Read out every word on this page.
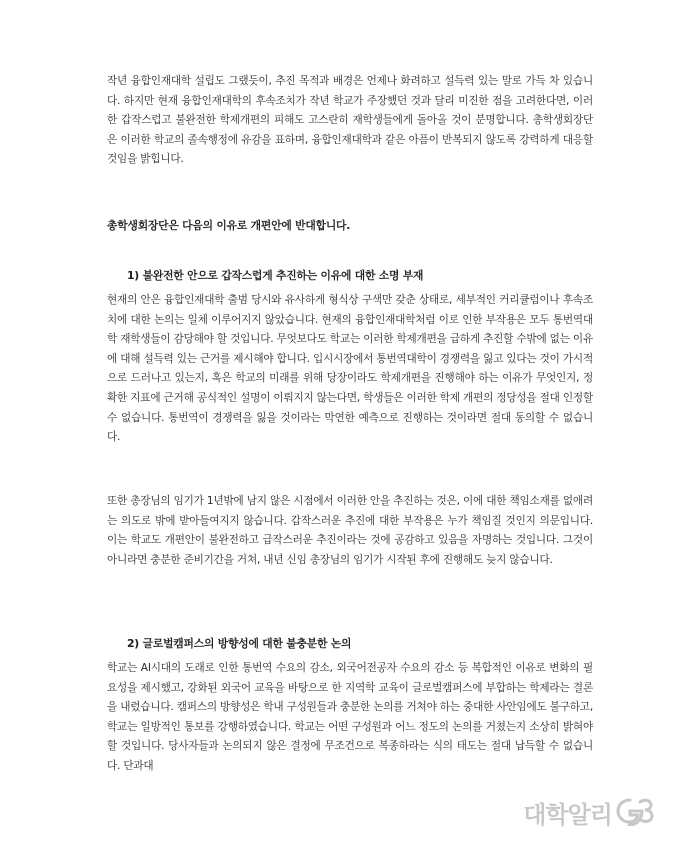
작년 융합인재대학 설립도 그랬듯이, 추진 목적과 배경은 언제나 화려하고 설득력 있는 말로 가득 차 있습니다. 하지만 현재 융합인재대학의 후속조치가 작년 학교가 주장했던 것과 달리 미진한 점을 고려한다면, 이러한 갑작스럽고 불완전한 학제개편의 피해도 고스란히 재학생들에게 돌아올 것이 분명합니다. 총학생회장단은 이러한 학교의 졸속행정에 유감을 표하며, 융합인재대학과 같은 아픔이 반복되지 않도록 강력하게 대응할 것임을 밝힙니다.

총학생회장단은 다음의 이유로 개편안에 반대합니다.

1) 불완전한 안으로 갑작스럽게 추진하는 이유에 대한 소명 부재

현재의 안은 융합인재대학 출범 당시와 유사하게 형식상 구색만 갖춘 상태로, 세부적인 커리큘럼이나 후속조치에 대한 논의는 일체 이루어지지 않았습니다. 현재의 융합인재대학처럼 이로 인한 부작용은 모두 통번역대학 재학생들이 감당해야 할 것입니다. 무엇보다도 학교는 이러한 학제개편을 급하게 추진할 수밖에 없는 이유에 대해 설득력 있는 근거를 제시해야 합니다. 입시시장에서 통번역대학이 경쟁력을 잃고 있다는 것이 가시적으로 드러나고 있는지, 혹은 학교의 미래를 위해 당장이라도 학제개편을 진행해야 하는 이유가 무엇인지, 정확한 지표에 근거해 공식적인 설명이 이뤄지지 않는다면, 학생들은 이러한 학제 개편의 정당성을 절대 인정할 수 없습니다. 통번역이 경쟁력을 잃을 것이라는 막연한 예측으로 진행하는 것이라면 절대 동의할 수 없습니다.

또한 총장님의 임기가 1년밖에 남지 않은 시점에서 이러한 안을 추진하는 것은, 이에 대한 책임소재를 없애려는 의도로 밖에 받아들여지지 않습니다. 갑작스러운 추진에 대한 부작용은 누가 책임질 것인지 의문입니다. 이는 학교도 개편안이 불완전하고 급작스러운 추진이라는 것에 공감하고 있음을 자명하는 것입니다. 그것이 아니라면 충분한 준비기간을 거쳐, 내년 신임 총장님의 임기가 시작된 후에 진행해도 늦지 않습니다.

2) 글로벌캠퍼스의 방향성에 대한 불충분한 논의

학교는 AI시대의 도래로 인한 통번역 수요의 감소, 외국어전공자 수요의 감소 등 복합적인 이유로 변화의 필요성을 제시했고, 강화된 외국어 교육을 바탕으로 한 지역학 교육이 글로벌캠퍼스에 부합하는 학제라는 결론을 내렸습니다. 캠퍼스의 방향성은 학내 구성원들과 충분한 논의를 거쳐야 하는 중대한 사안임에도 불구하고, 학교는 일방적인 통보를 강행하였습니다. 학교는 어떤 구성원과 어느 정도의 논의를 거쳤는지 소상히 밝혀야 할 것입니다. 당사자들과 논의되지 않은 결정에 무조건으로 복종하라는 식의 태도는 절대 납득할 수 없습니다. 단과대

대학알리
